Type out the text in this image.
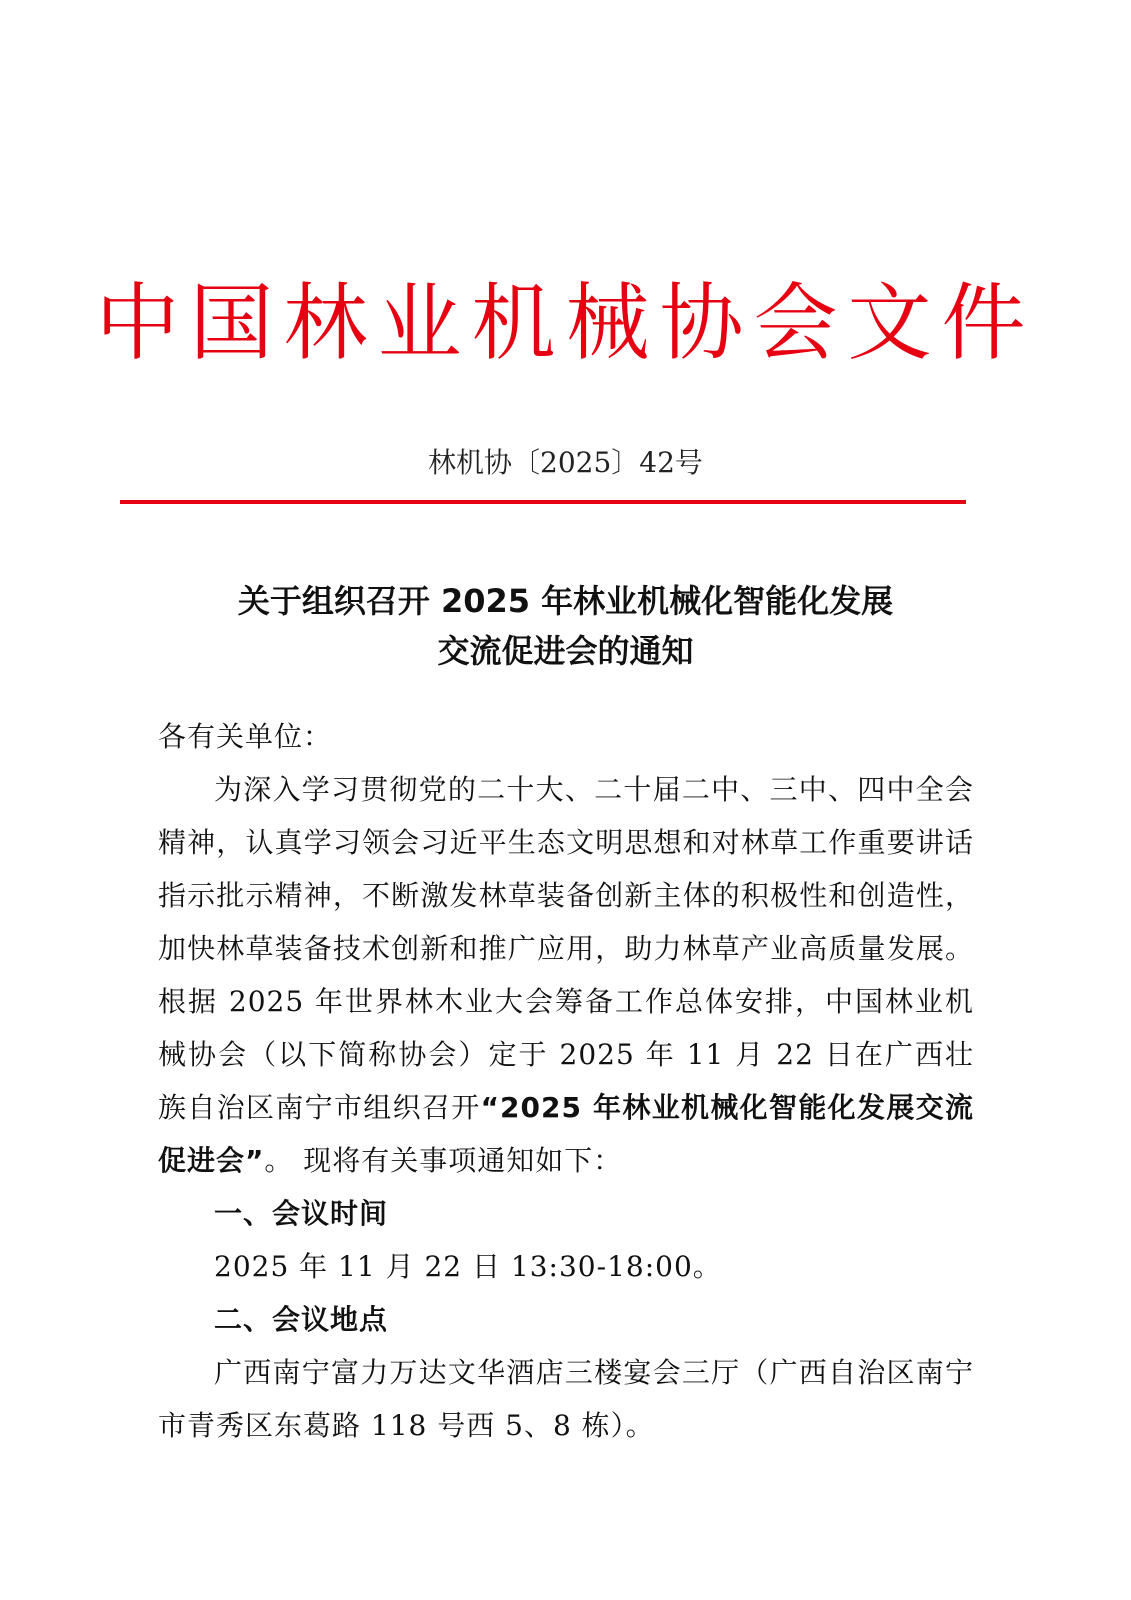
中国林业机械协会文件
林机协〔2025〕42号
关于组织召开 2025 年林业机械化智能化发展
交流促进会的通知

各有关单位：

为深入学习贯彻党的二十大、二十届二中、三中、四中全会精神，认真学习领会习近平生态文明思想和对林草工作重要讲话指示批示精神，不断激发林草装备创新主体的积极性和创造性，加快林草装备技术创新和推广应用，助力林草产业高质量发展。根据 2025 年世界林木业大会筹备工作总体安排，中国林业机械协会（以下简称协会）定于 2025 年 11 月 22 日在广西壮族自治区南宁市组织召开“2025 年林业机械化智能化发展交流促进会”。 现将有关事项通知如下：

一、会议时间

2025 年 11 月 22 日 13:30-18:00。

二、会议地点

广西南宁富力万达文华酒店三楼宴会三厅（广西自治区南宁市青秀区东葛路 118 号西 5、8 栋）。
